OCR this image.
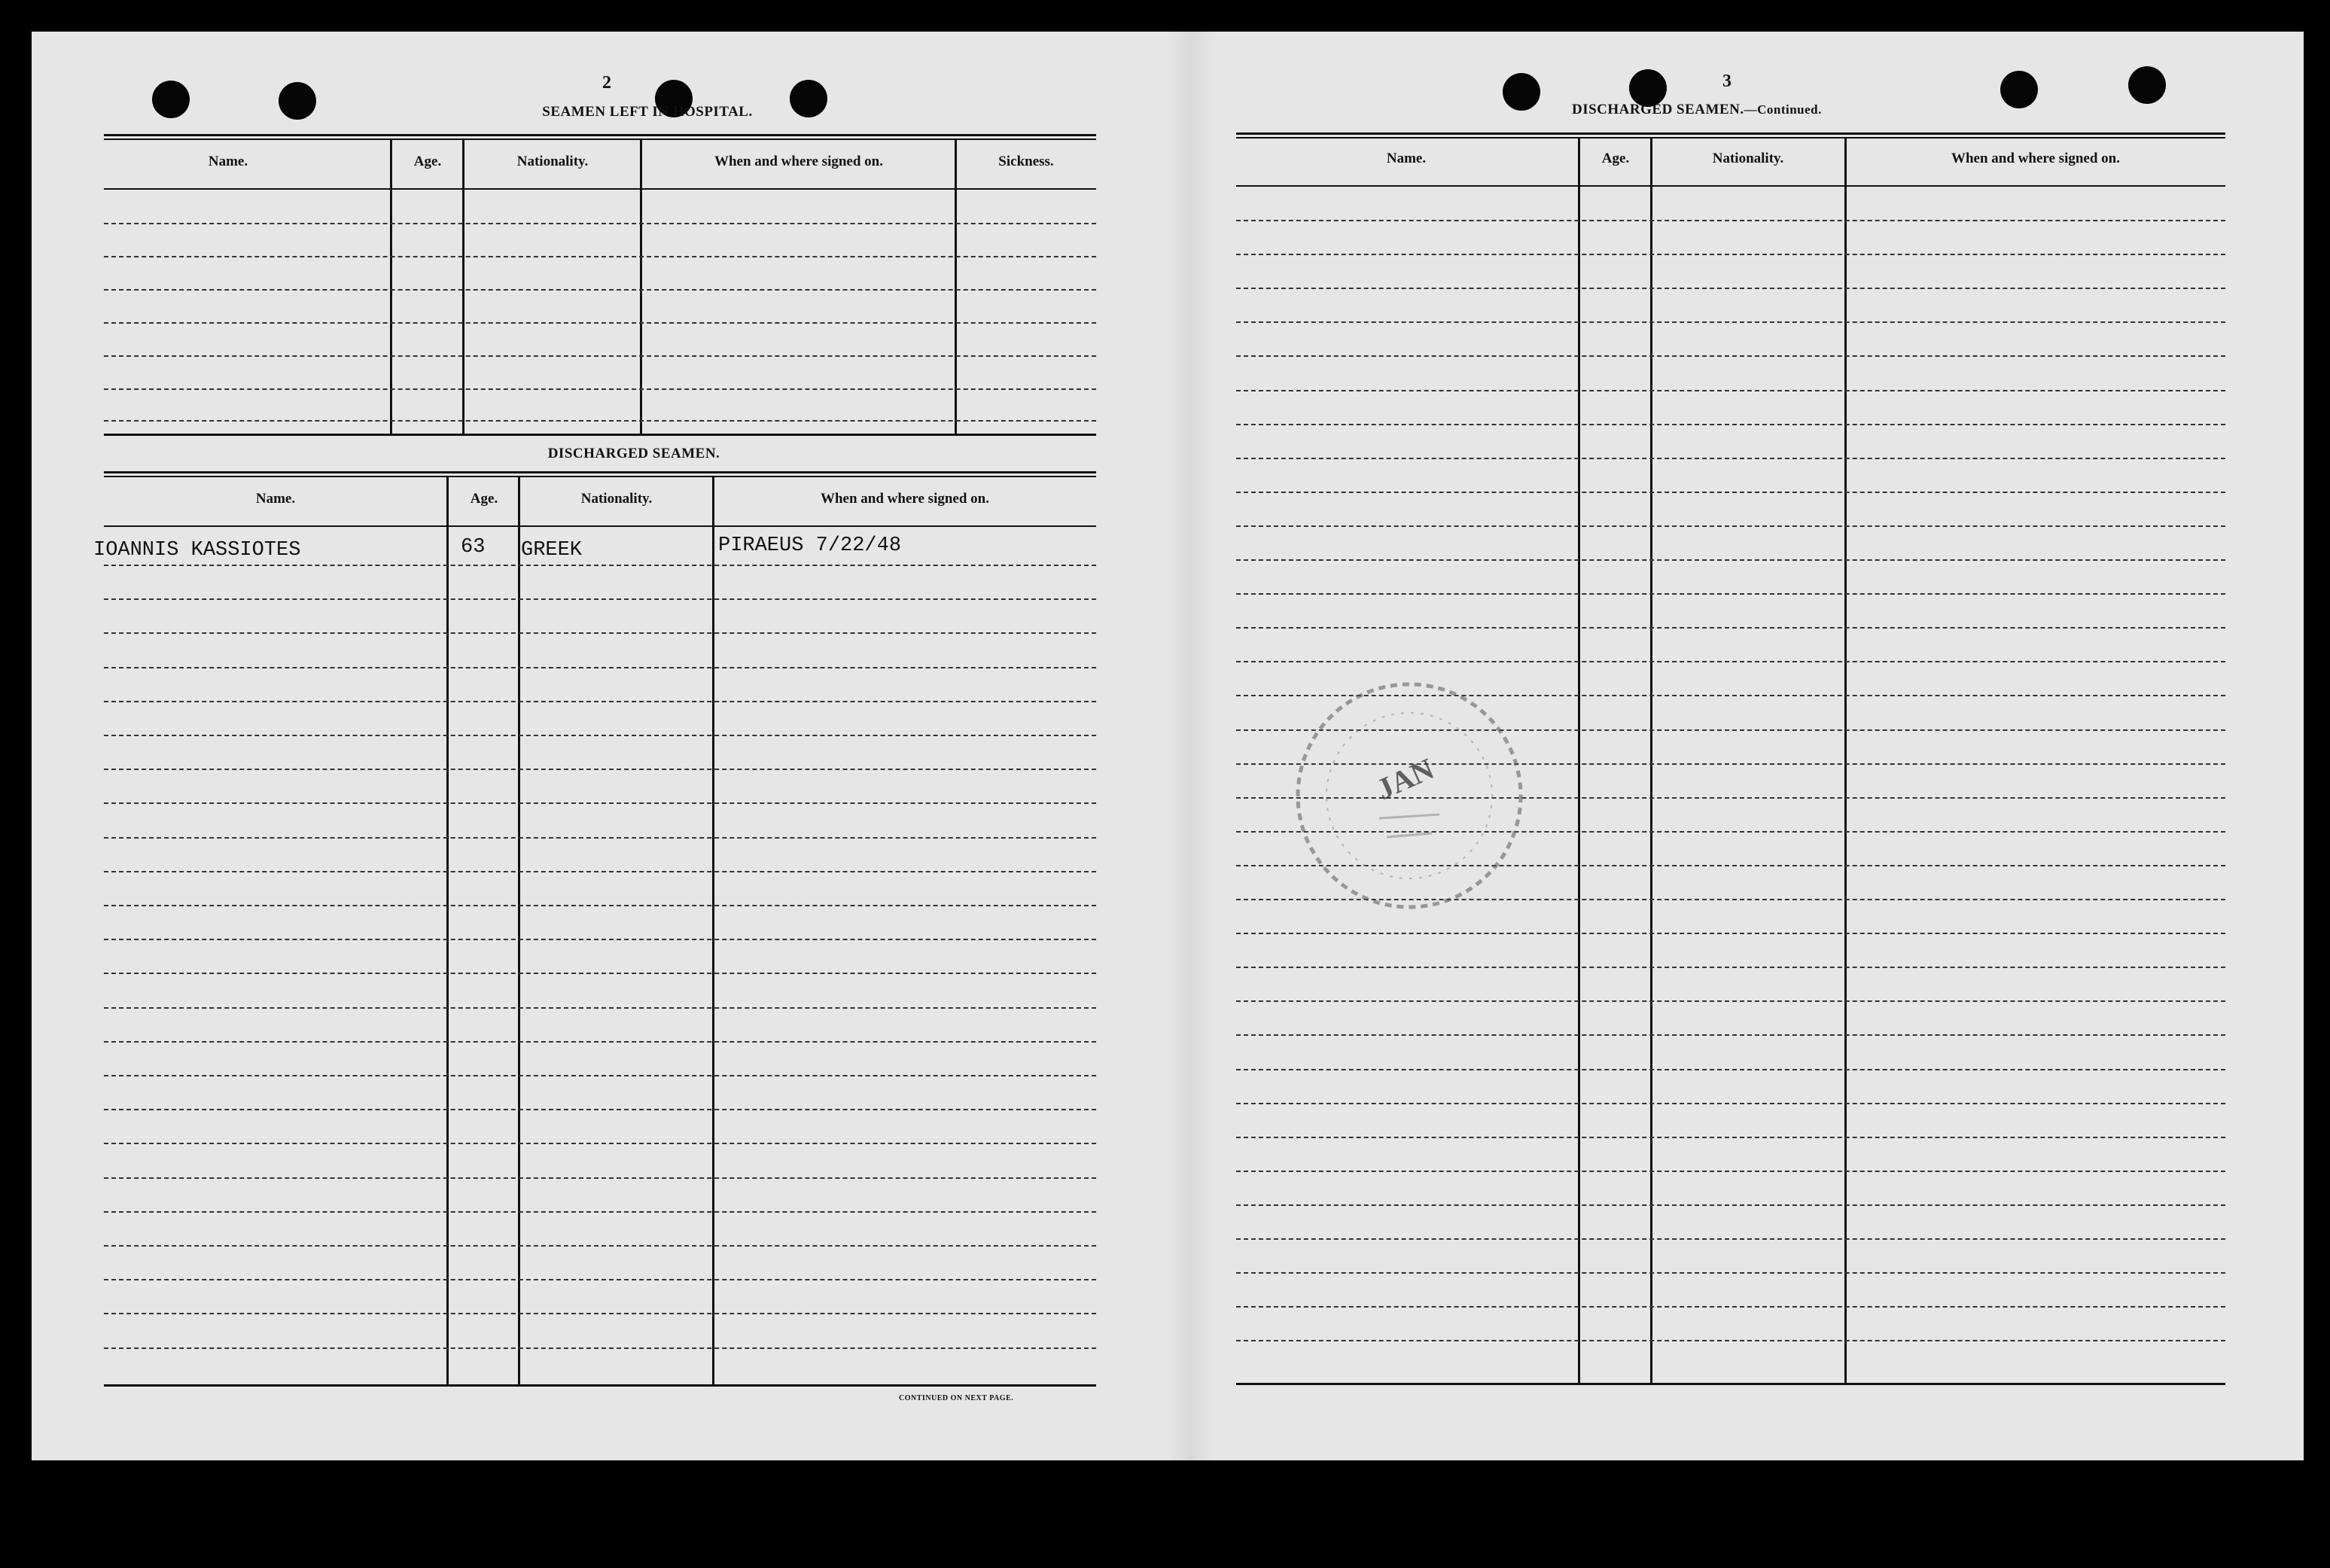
2
SEAMEN LEFT IN HOSPITAL.
Name.	Age.	Nationality.	When and where signed on.	Sickness.
DISCHARGED SEAMEN.
Name.	Age.	Nationality.	When and where signed on.
IOANNIS KASSIOTES	63 GREEK	PIRAEUS 7/22/48
CONTINUED ON NEXT PAGE.
3
DISCHARGED SEAMEN.—Continued.
Name.	Age.	Nationality.	When and where signed on.
JAN
